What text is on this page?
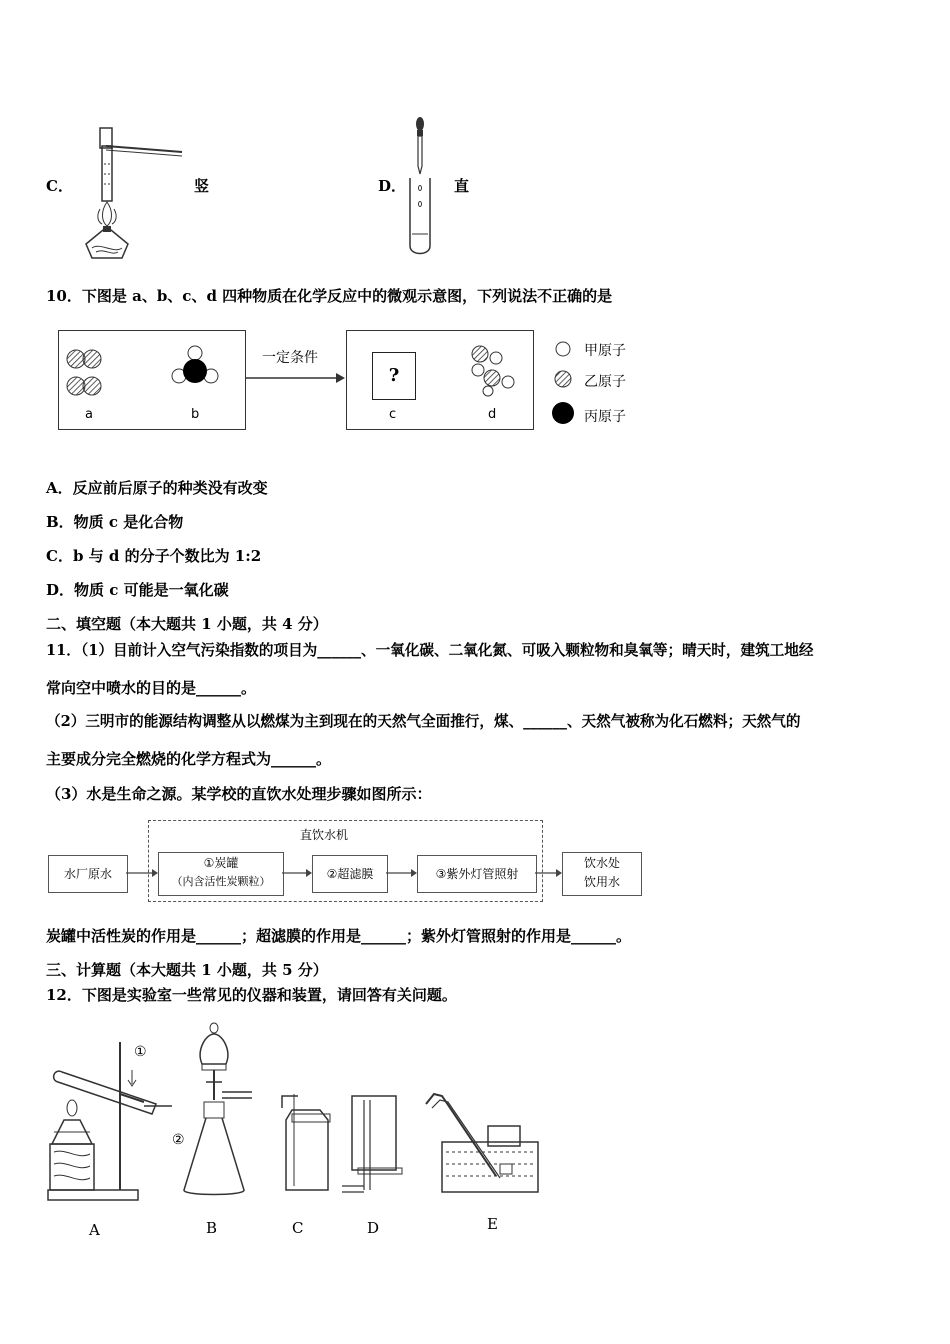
C．	竖	D．	直
10．下图是 a、b、c、d 四种物质在化学反应中的微观示意图，下列说法不正确的是
a	b
一定条件
?
c	d
甲原子
乙原子
丙原子
A．反应前后原子的种类没有改变
B．物质 c 是化合物
C．b 与 d 的分子个数比为 1:2
D．物质 c 可能是一氧化碳
二、填空题（本大题共 1 小题，共 4 分）
11．（1）目前计入空气污染指数的项目为______、一氧化碳、二氧化氮、可吸入颗粒物和臭氧等；晴天时，建筑工地经
常向空中喷水的目的是______。
（2）三明市的能源结构调整从以燃煤为主到现在的天然气全面推行，煤、______、天然气被称为化石燃料；天然气的
主要成分完全燃烧的化学方程式为______。
（3）水是生命之源。某学校的直饮水处理步骤如图所示：
直饮水机
水厂原水
①炭罐
（内含活性炭颗粒）
②超滤膜	③紫外灯管照射
饮水处
饮用水
炭罐中活性炭的作用是______；超滤膜的作用是______；紫外灯管照射的作用是______。
三、计算题（本大题共 1 小题，共 5 分）
12．下图是实验室一些常见的仪器和装置，请回答有关问题。
①
②
A	B	C	D	E
